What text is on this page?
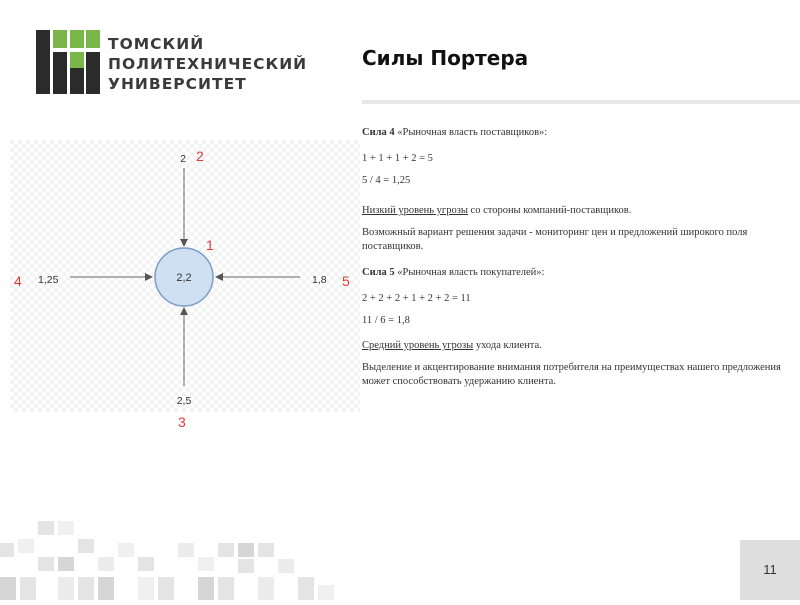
ТОМСКИЙ
ПОЛИТЕХНИЧЕСКИЙ
УНИВЕРСИТЕТ
Силы Портера
2,2
2
2,5
1,25	1,8
2
1
4	5
3

Сила 4 «Рыночная власть поставщиков»:

1 + 1 + 1 + 2 = 5

5 / 4 = 1,25

Низкий уровень угрозы со стороны компаний-поставщиков.

Возможный вариант решения задачи - мониторинг цен и предложений широкого поля поставщиков.

Сила 5 «Рыночная власть покупателей»:

2 + 2 + 2 + 1 + 2 + 2 = 11

11 / 6 = 1,8

Средний уровень угрозы ухода клиента.

Выделение и акцентирование внимания потребителя на преимуществах нашего предложения может способствовать удержанию клиента.

11
